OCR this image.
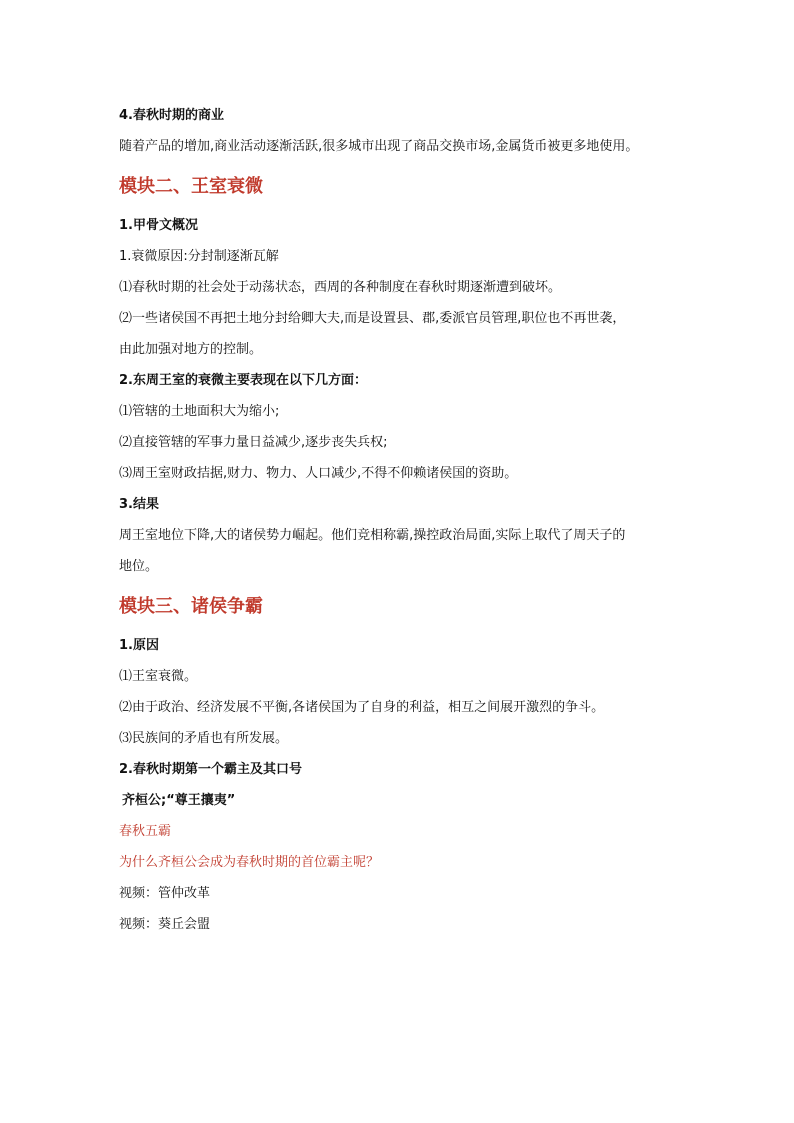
4.春秋时期的商业
随着产品的增加,商业活动逐渐活跃,很多城市出现了商品交换市场,金属货币被更多地使用。
模块二、王室衰微
1.甲骨文概况
1.衰微原因:分封制逐渐瓦解
⑴春秋时期的社会处于动荡状态，西周的各种制度在春秋时期逐渐遭到破坏。
⑵一些诸侯国不再把土地分封给卿大夫,而是设置县、郡,委派官员管理,职位也不再世袭，
由此加强对地方的控制。
2.东周王室的衰微主要表现在以下几方面：
⑴管辖的土地面积大为缩小;
⑵直接管辖的军事力量日益减少,逐步丧失兵权;
⑶周王室财政拮据,财力、物力、人口减少,不得不仰赖诸侯国的资助。
3.结果
周王室地位下降,大的诸侯势力崛起。他们竞相称霸,操控政治局面,实际上取代了周天子的
地位。
模块三、诸侯争霸
1.原因
⑴王室衰微。
⑵由于政治、经济发展不平衡,各诸侯国为了自身的利益，相互之间展开激烈的争斗。
⑶民族间的矛盾也有所发展。
2.春秋时期第一个霸主及其口号
齐桓公;“尊王攘夷”
春秋五霸
为什么齐桓公会成为春秋时期的首位霸主呢？
视频：管仲改革
视频：葵丘会盟
